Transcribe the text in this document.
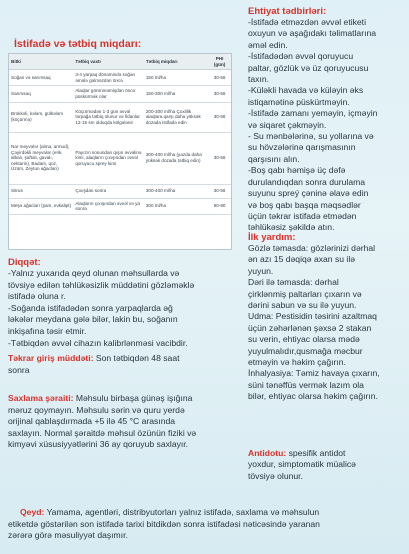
İstifadə və tətbiq miqdarı:
Bitki	Tətbiq vaxtı	Tətbiq miqdarı	PHI (gün)
Soğan və sarımsaq	3-4 yarpaq dönəmində soğan əmələ gəlməzdən öncə	150 ml/ha	30-56
Sarımsaq	Alaqlar görünməmişdən öncə püskürmək olar	150-300 ml/ha	30-56
Brokkoli, kələm, gülkələm (köçürmə)	Köçürmədən 1-3 gün əvvəl torpağa tətbiq olunur və fidanlar 12-15 sm olduqda kölgələnir	200-300 ml/ha Çoxillik alaqlara qarşı daha yüksək dozada istifadə edin	30-56
Nar meyvələr (alma, armud), Çəyirdəkli meyvələr (erik, albalı, şaftalı, gavalı, nektarin), Badam, qoz, Üzüm, Zeytun ağacları)	Payızın sonundan qışın əvvəlinə kimi, alaqların çıxışından əvvəl qoruyucu sprey kimi	300-400 ml/ha (yazda daha yüksək dozada tətbiq edin)	30-56
Sitrus	Çıxışdan sonra	300-400 ml/ha	30-56
Meşə ağacları (şam, evkalipt)	Alaqların çıxışından əvvəl və ya sonra	300 ml/ha	60-90
Diqqət:
-Yalnız yuxarıda qeyd olunan məhsullarda və
tövsiyə edilən təhlükəsizlik müddətini gözləməklə
istifadə oluna r.
-Soğanda istifadədən sonra yarpaqlarda əğ
ləkələr meydana gələ bilər, lakin bu, soğanın
inkişafına təsir etmir.
-Tətbiqdən əvvəl cihazın kalibrlənməsi vacibdir.
Təkrar giriş müddəti: Son tətbiqdən 48 saat
sonra
Saxlama şəraiti: Məhsulu birbaşa günəş işığına
məruz qoymayın. Məhsulu sərin və quru yerdə
orijinal qablaşdırmada +5 ilə 45 °C arasında
saxlayın. Normal şəraitdə məhsul özünün fiziki və
kimyəvi xüsusiyyətlərini 36 ay qoruyub saxlayır.
Ehtiyat tədbirləri:
-İstifadə etməzdən əvvəl etiketi
oxuyun və aşağıdakı təlimatlarına
əməl edin.
-İstifadədən əvvəl qoruyucu
paltar, gözlük və üz qoruyucusu
taxın.
-Küləkli havada və küləyin əks
istiqamətinə püskürtməyin.
-İstifadə zamanı yeməyin, içməyin
və siqaret çəkməyin.
- Su mənbələrinə, su yollarına və
su hövzələrinə qarışmasının
qarşısını alın.
-Boş qabı həmişə üç dəfə
durulandıqdan sonra durulama
suyunu spreý çəninə əlavə edin
və boş qabı başqa məqsədlər
üçün təkrar istifadə etmədən
təhlükəsiz şəkildə atın.
İlk yardım:
Gözlə təmasda: gözlərinizi dərhal
ən azı 15 dəqiqə axan su ilə
yuyun.
Dəri ilə təmasda: dərhal
çirklənmiş paltarları çıxarın və
dərini sabun və su ilə yuyun.
Udma: Pestisidin təsirini azaltmaq
üçün zəhərlənən şəxsə 2 stakan
su verin, ehtiyac olarsa mədə
yuyulmalıdır,qusmağa məcbur
etməyin və həkim çağırın.
İnhalyasiya: Təmiz havaya çıxarın,
süni tənəffüs vermək lazım ola
bilər, ehtiyac olarsa həkim çağırın.
Antidotu: spesifik antidot
yoxdur, simptomatik müalicə
tövsiyə olunur.
Qeyd: Yamama, agentləri, distribyutorları yalnız istifadə, saxlama və məhsulun
etiketdə göstərilən son istifadə tarixi bitdikdən sonra istifadəsi nəticəsində yaranan
zərərə görə məsuliyyət daşımır.
